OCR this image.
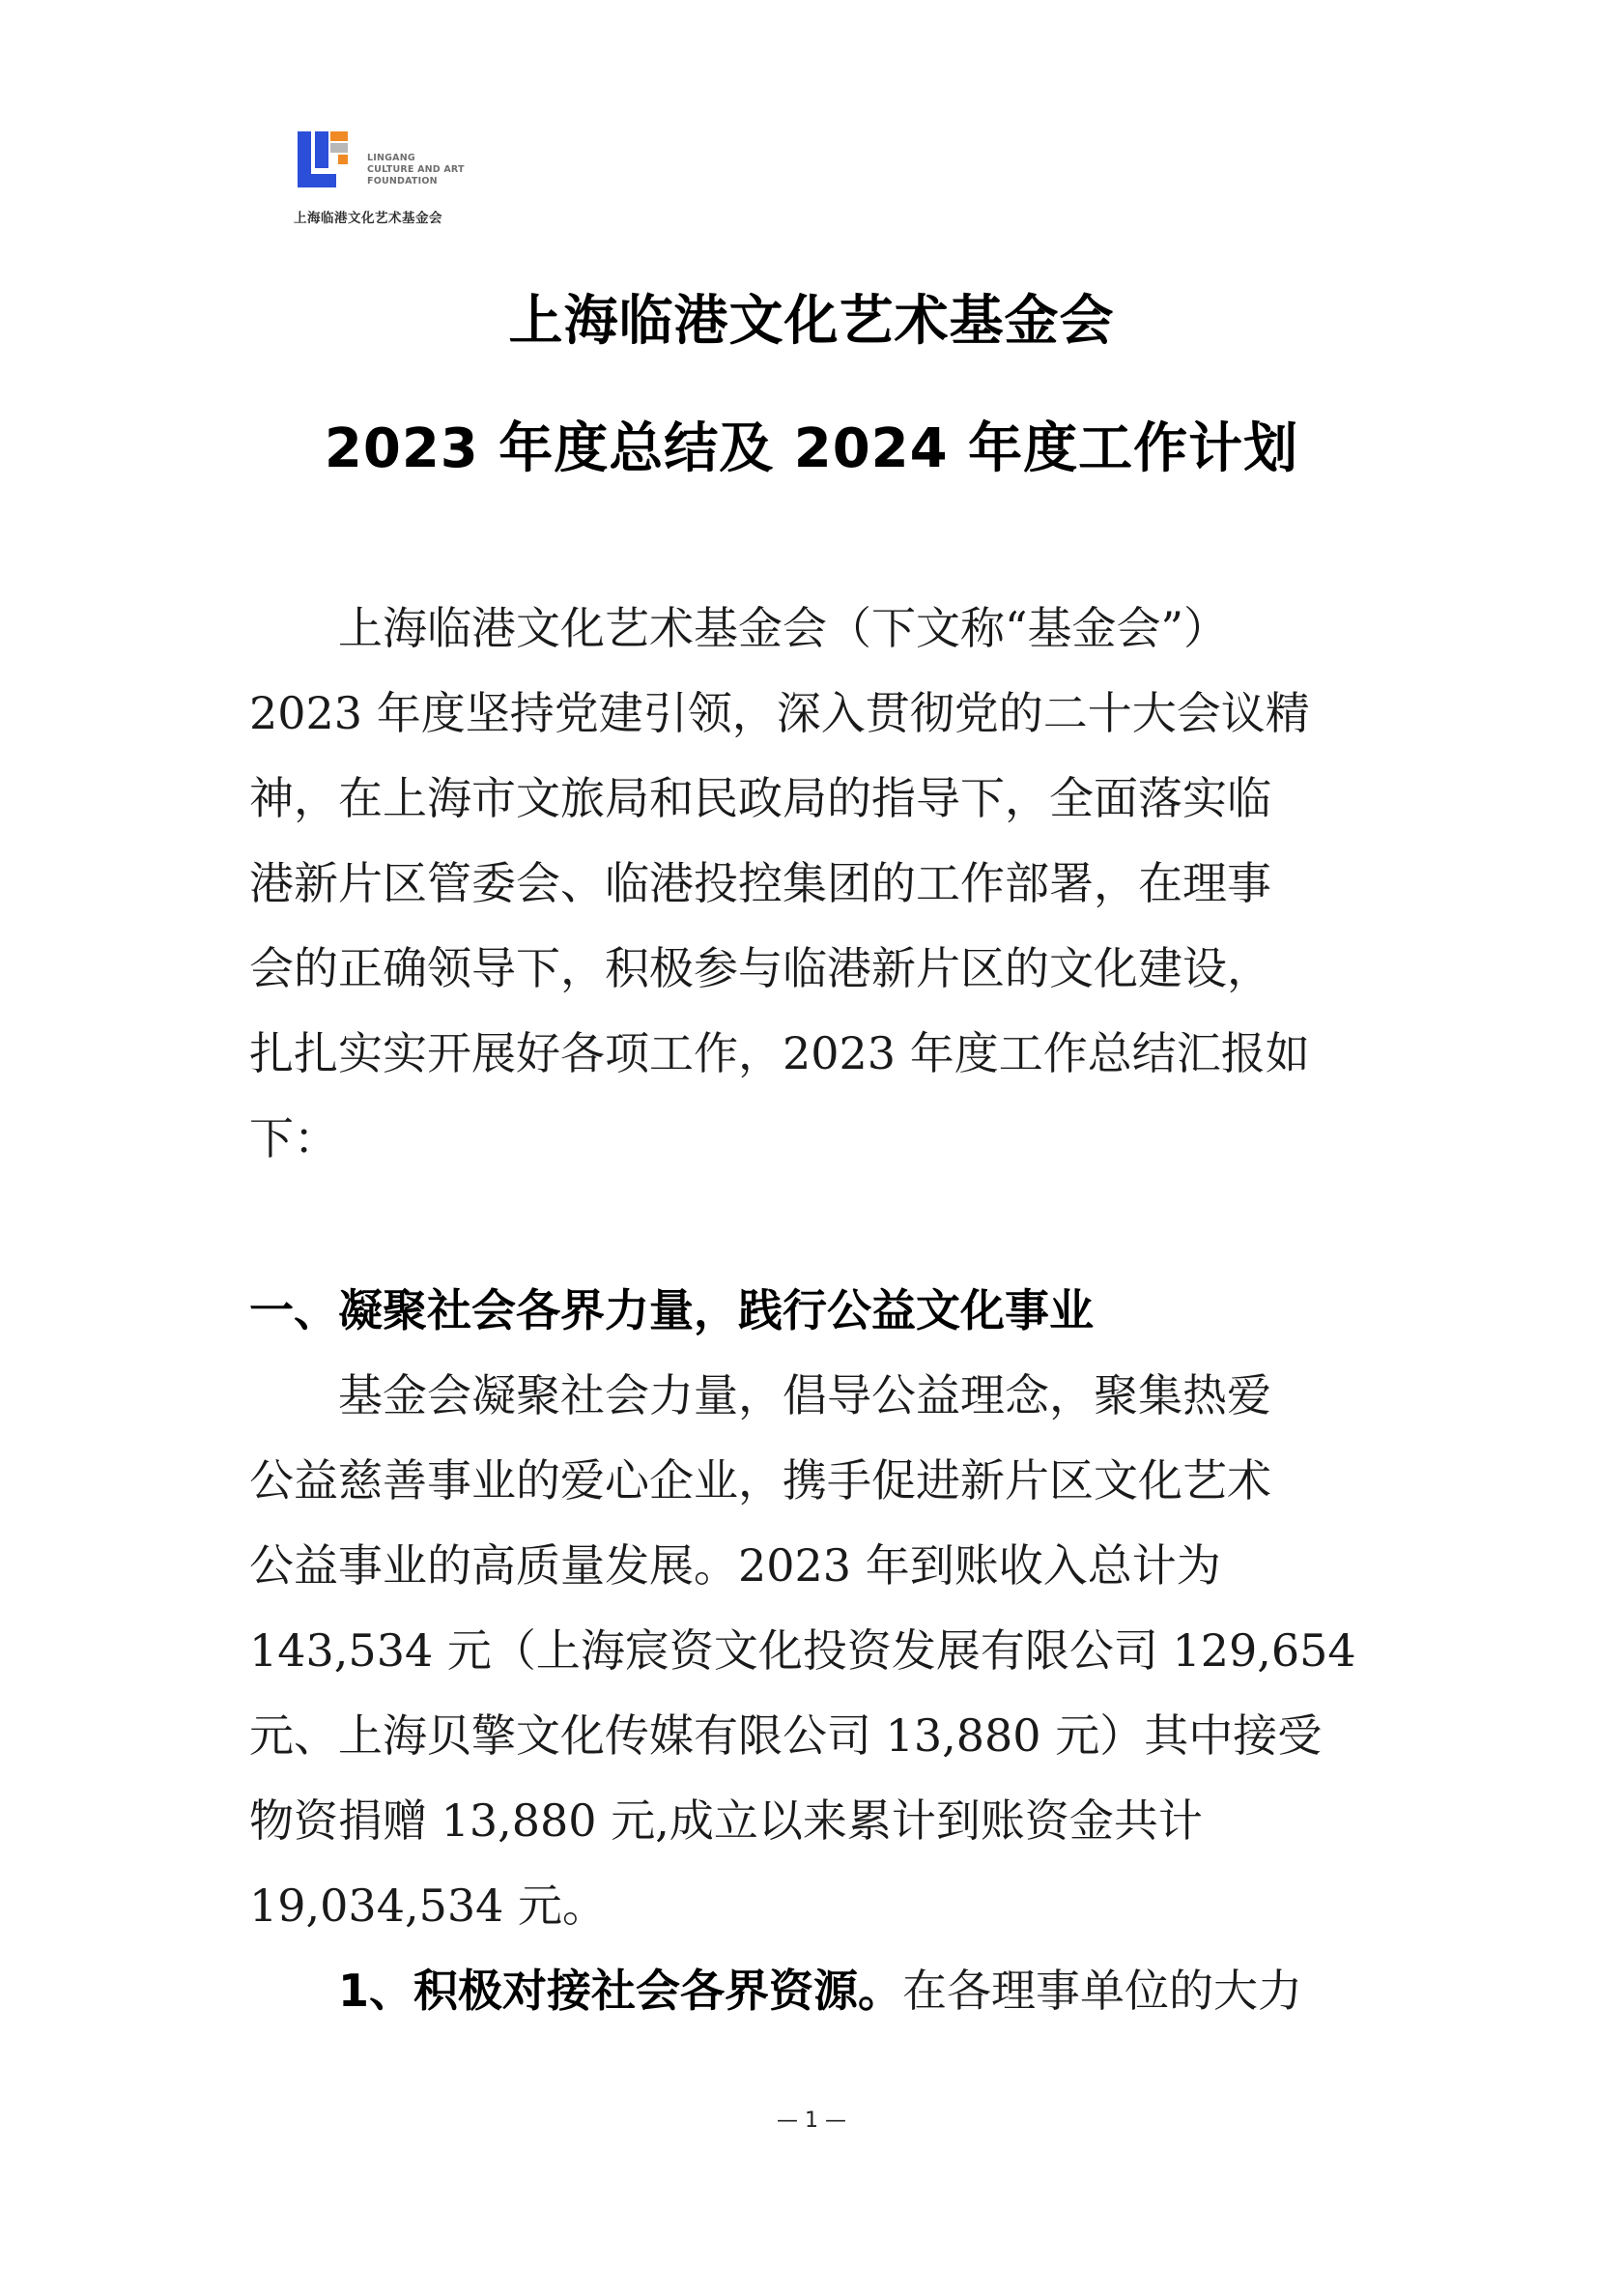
LINGANG
CULTURE AND ART
FOUNDATION
上海临港文化艺术基金会
上海临港文化艺术基金会
2023 年度总结及 2024 年度工作计划
　　上海临港文化艺术基金会（下文称“基金会”）
2023 年度坚持党建引领，深入贯彻党的二十大会议精
神，在上海市文旅局和民政局的指导下，全面落实临
港新片区管委会、临港投控集团的工作部署，在理事
会的正确领导下，积极参与临港新片区的文化建设，
扎扎实实开展好各项工作，2023 年度工作总结汇报如
下：
一、凝聚社会各界力量，践行公益文化事业
　　基金会凝聚社会力量，倡导公益理念，聚集热爱
公益慈善事业的爱心企业，携手促进新片区文化艺术
公益事业的高质量发展。2023 年到账收入总计为
143,534 元（上海宸资文化投资发展有限公司 129,654
元、上海贝擎文化传媒有限公司 13,880 元）其中接受
物资捐赠 13,880 元,成立以来累计到账资金共计
19,034,534 元。
　　1、积极对接社会各界资源。在各理事单位的大力
— 1 —
